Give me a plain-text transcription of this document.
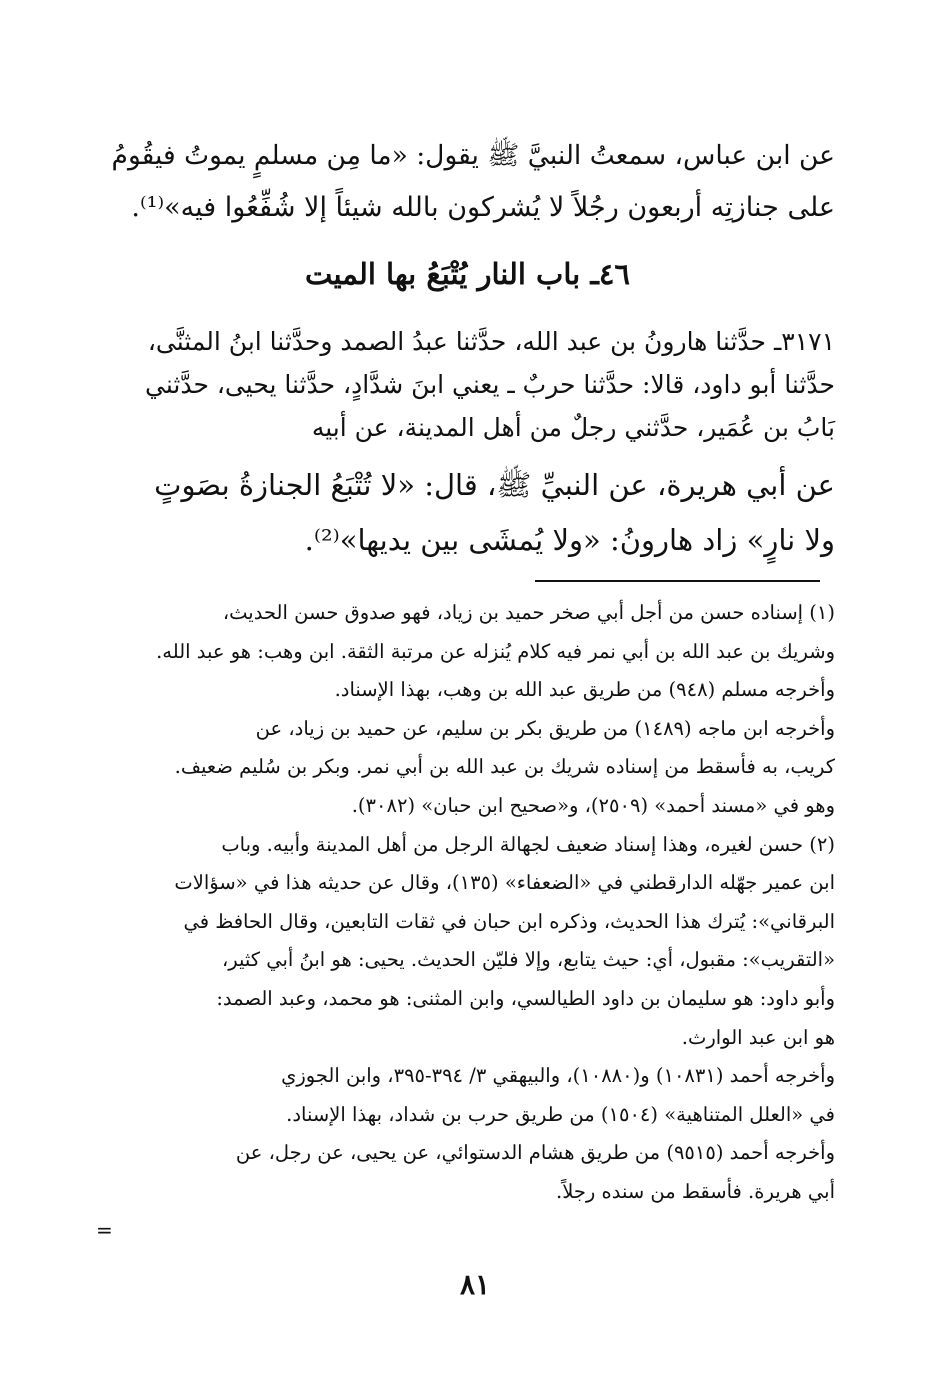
عن ابن عباس، سمعتُ النبيَّ ﷺ يقول: «ما مِن مسلمٍ يموتُ فيقُومُ

على جنازتِه أربعون رجُلاً لا يُشركون بالله شيئاً إلا شُفِّعُوا فيه»⁽¹⁾.

٤٦ـ باب النار يُتْبَعُ بها الميت

٣١٧١ـ حدَّثنا هارونُ بن عبد الله، حدَّثنا عبدُ الصمد وحدَّثنا ابنُ المثنَّى،

حدَّثنا أبو داود، قالا: حدَّثنا حربٌ ـ يعني ابنَ شدَّادٍ، حدَّثنا يحيى، حدَّثني

بَابُ بن عُمَير، حدَّثني رجلٌ من أهل المدينة، عن أبيه

عن أبي هريرة، عن النبيِّ ﷺ، قال: «لا تُتْبَعُ الجنازةُ بصَوتٍ

ولا نارٍ» زاد هارونُ: «ولا يُمشَى بين يديها»⁽²⁾.

(١) إسناده حسن من أجل أبي صخر حميد بن زياد، فهو صدوق حسن الحديث،

وشريك بن عبد الله بن أبي نمر فيه كلام يُنزله عن مرتبة الثقة. ابن وهب: هو عبد الله.

وأخرجه مسلم (٩٤٨) من طريق عبد الله بن وهب، بهذا الإسناد.

وأخرجه ابن ماجه (١٤٨٩) من طريق بكر بن سليم، عن حميد بن زياد، عن

كريب، به فأسقط من إسناده شريك بن عبد الله بن أبي نمر. وبكر بن سُليم ضعيف.

وهو في «مسند أحمد» (٢٥٠٩)، و«صحيح ابن حبان» (٣٠٨٢).

(٢) حسن لغيره، وهذا إسناد ضعيف لجهالة الرجل من أهل المدينة وأبيه. وباب

ابن عمير جهّله الدارقطني في «الضعفاء» (١٣٥)، وقال عن حديثه هذا في «سؤالات

البرقاني»: يُترك هذا الحديث، وذكره ابن حبان في ثقات التابعين، وقال الحافظ في

«التقريب»: مقبول، أي: حيث يتابع، وإلا فليّن الحديث. يحيى: هو ابنُ أبي كثير،

وأبو داود: هو سليمان بن داود الطيالسي، وابن المثنى: هو محمد، وعبد الصمد:

هو ابن عبد الوارث.

وأخرجه أحمد (١٠٨٣١) و(١٠٨٨٠)، والبيهقي ٣/ ٣٩٤-٣٩٥، وابن الجوزي

في «العلل المتناهية» (١٥٠٤) من طريق حرب بن شداد، بهذا الإسناد.

وأخرجه أحمد (٩٥١٥) من طريق هشام الدستوائي، عن يحيى، عن رجل، عن

أبي هريرة. فأسقط من سنده رجلاً.

=
٨١
